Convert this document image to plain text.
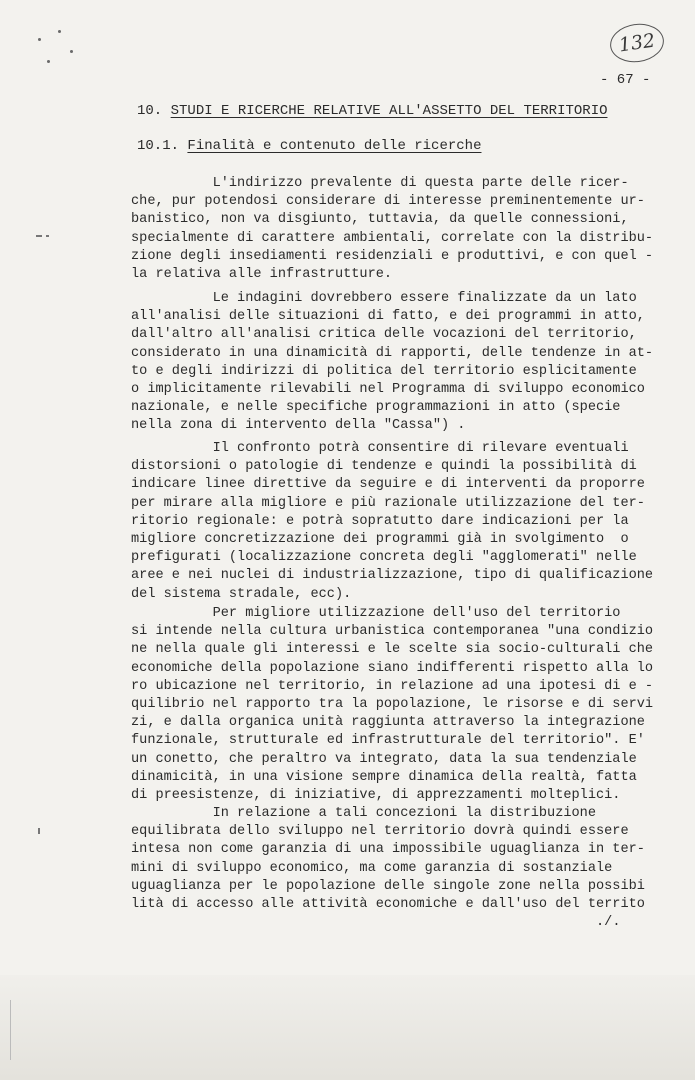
132
- 67 -
10. STUDI E RICERCHE RELATIVE ALL'ASSETTO DEL TERRITORIO
10.1. Finalità e contenuto delle ricerche
L'indirizzo prevalente di questa parte delle ricer-
che, pur potendosi considerare di interesse preminentemente ur-
banistico, non va disgiunto, tuttavia, da quelle connessioni,
specialmente di carattere ambientali, correlate con la distribu-
zione degli insediamenti residenziali e produttivi, e con quel -
la relativa alle infrastrutture.
Le indagini dovrebbero essere finalizzate da un lato
all'analisi delle situazioni di fatto, e dei programmi in atto,
dall'altro all'analisi critica delle vocazioni del territorio,
considerato in una dinamicità di rapporti, delle tendenze in at-
to e degli indirizzi di politica del territorio esplicitamente
o implicitamente rilevabili nel Programma di sviluppo economico
nazionale, e nelle specifiche programmazioni in atto (specie
nella zona di intervento della "Cassa") .
Il confronto potrà consentire di rilevare eventuali
distorsioni o patologie di tendenze e quindi la possibilità di
indicare linee direttive da seguire e di interventi da proporre
per mirare alla migliore e più razionale utilizzazione del ter-
ritorio regionale: e potrà sopratutto dare indicazioni per la
migliore concretizzazione dei programmi già in svolgimento  o
prefigurati (localizzazione concreta degli "agglomerati" nelle
aree e nei nuclei di industrializzazione, tipo di qualificazione
del sistema stradale, ecc).
Per migliore utilizzazione dell'uso del territorio
si intende nella cultura urbanistica contemporanea "una condizio
ne nella quale gli interessi e le scelte sia socio-culturali che
economiche della popolazione siano indifferenti rispetto alla lo
ro ubicazione nel territorio, in relazione ad una ipotesi di e -
quilibrio nel rapporto tra la popolazione, le risorse e di servi
zi, e dalla organica unità raggiunta attraverso la integrazione
funzionale, strutturale ed infrastrutturale del territorio". E'
un conetto, che peraltro va integrato, data la sua tendenziale
dinamicità, in una visione sempre dinamica della realtà, fatta
di preesistenze, di iniziative, di apprezzamenti molteplici.
In relazione a tali concezioni la distribuzione
equilibrata dello sviluppo nel territorio dovrà quindi essere
intesa non come garanzia di una impossibile uguaglianza in ter-
mini di sviluppo economico, ma come garanzia di sostanziale
uguaglianza per le popolazione delle singole zone nella possibi
lità di accesso alle attività economiche e dall'uso del territo
./.
